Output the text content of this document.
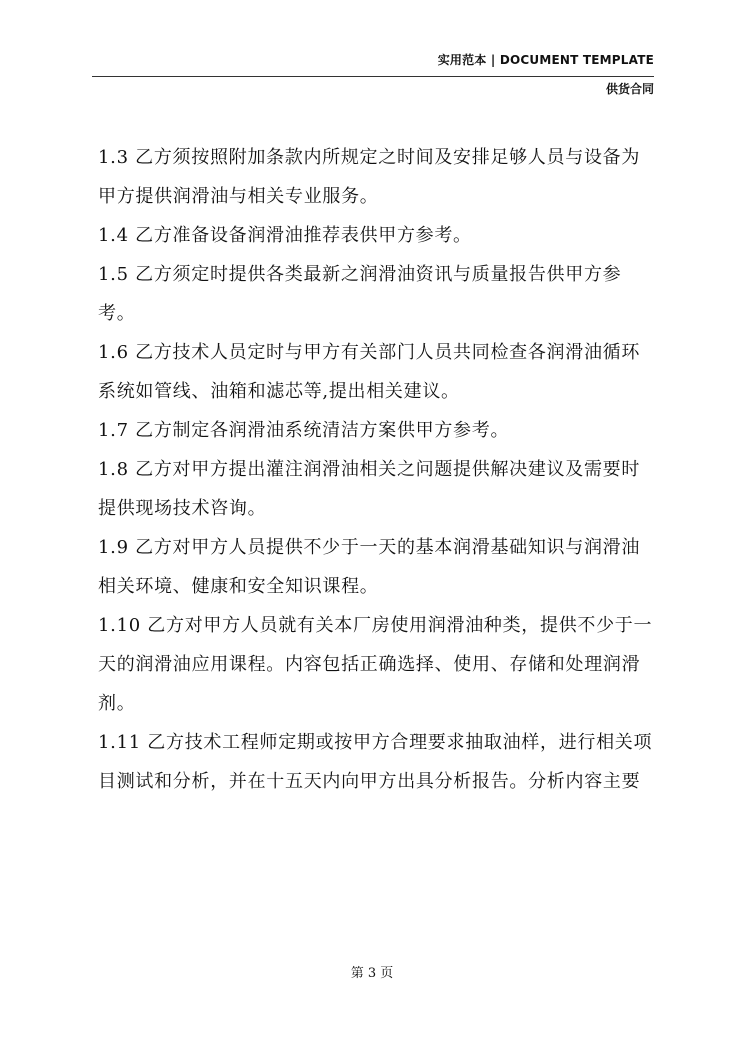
实用范本 | DOCUMENT TEMPLATE
供货合同

1.3 乙方须按照附加条款内所规定之时间及安排足够人员与设备为甲方提供润滑油与相关专业服务。

1.4 乙方准备设备润滑油推荐表供甲方参考。

1.5 乙方须定时提供各类最新之润滑油资讯与质量报告供甲方参考。

1.6 乙方技术人员定时与甲方有关部门人员共同检查各润滑油循环系统如管线、油箱和滤芯等,提出相关建议。

1.7 乙方制定各润滑油系统清洁方案供甲方参考。

1.8 乙方对甲方提出灌注润滑油相关之问题提供解决建议及需要时提供现场技术咨询。

1.9 乙方对甲方人员提供不少于一天的基本润滑基础知识与润滑油相关环境、健康和安全知识课程。

1.10 乙方对甲方人员就有关本厂房使用润滑油种类，提供不少于一天的润滑油应用课程。内容包括正确选择、使用、存储和处理润滑剂。

1.11 乙方技术工程师定期或按甲方合理要求抽取油样，进行相关项目测试和分析，并在十五天内向甲方出具分析报告。分析内容主要

第 3 页
